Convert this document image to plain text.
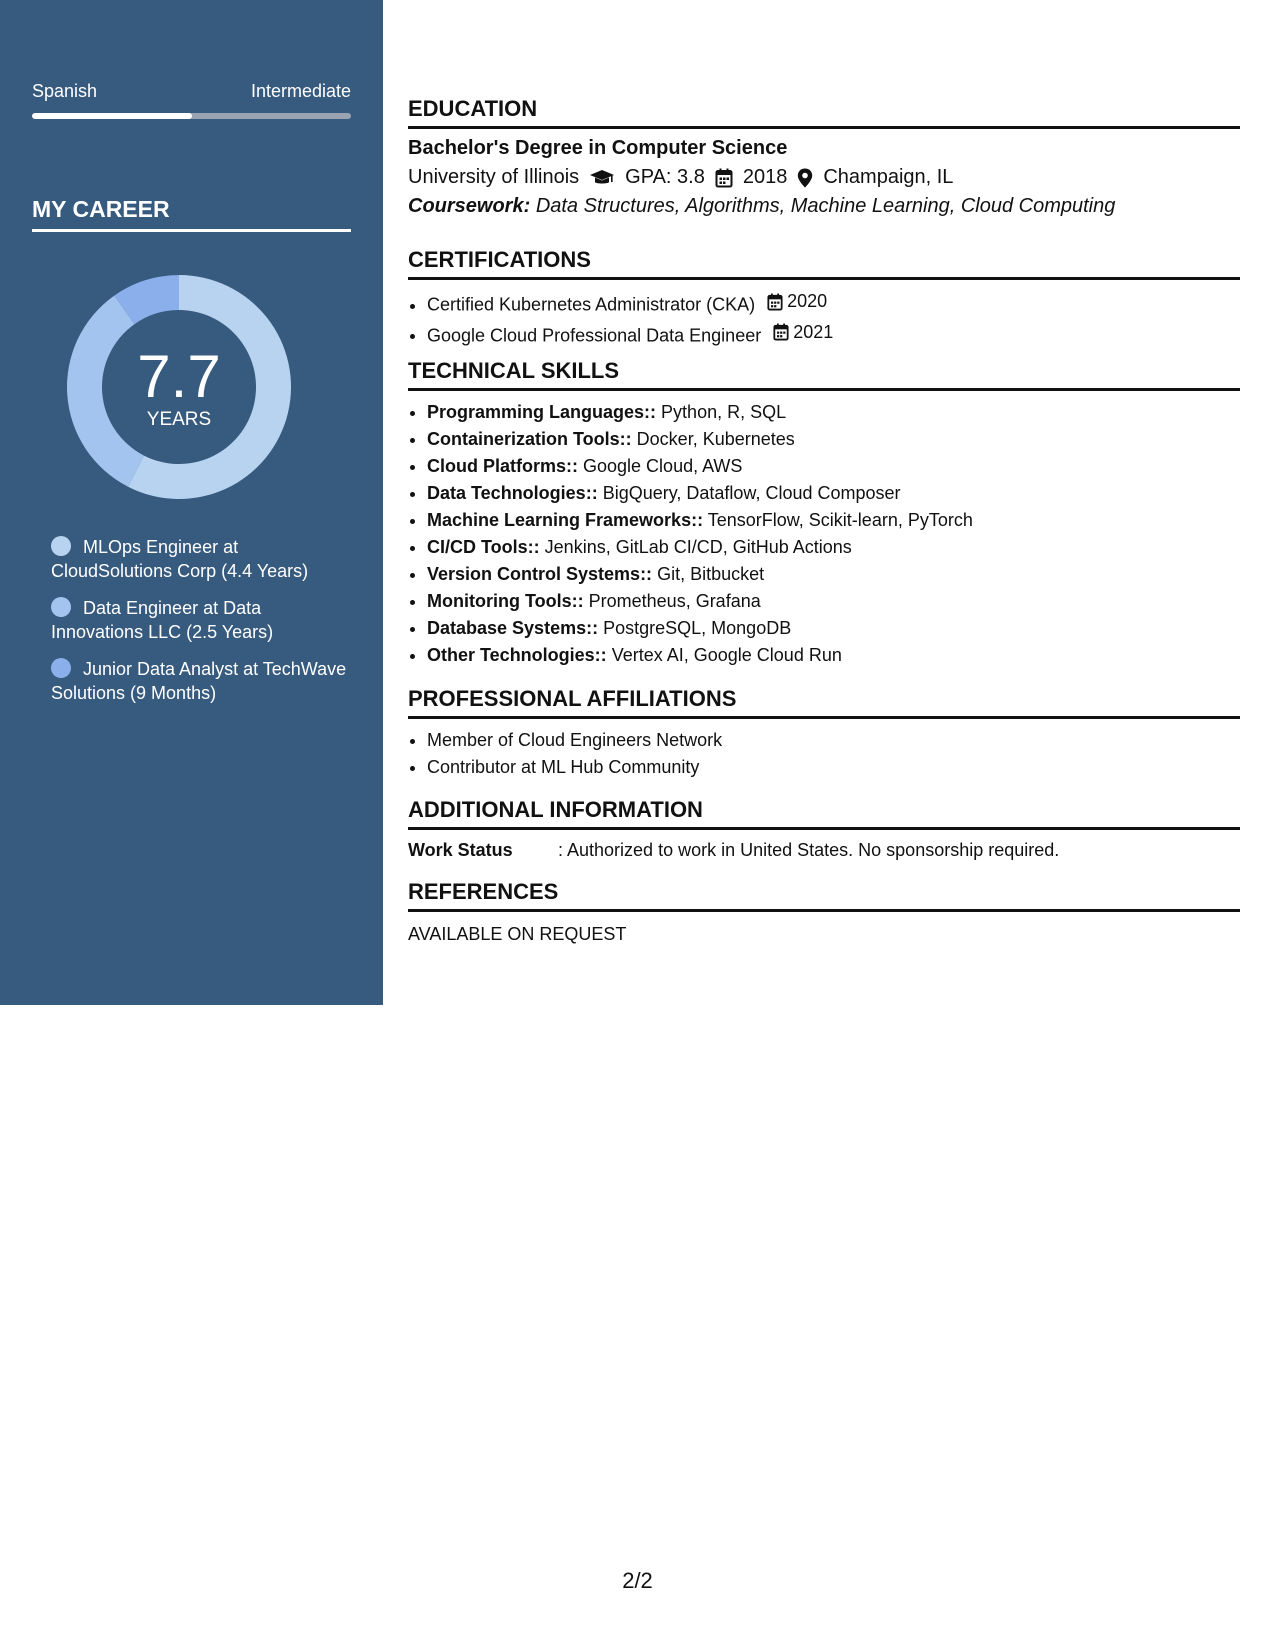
Spanish	Intermediate
MY CAREER
7.7
YEARS
MLOps Engineer at CloudSolutions Corp (4.4 Years)
Data Engineer at Data Innovations LLC (2.5 Years)
Junior Data Analyst at TechWave Solutions (9 Months)
EDUCATION
Bachelor's Degree in Computer Science
University of Illinois GPA: 3.8 2018 Champaign, IL
Coursework: Data Structures, Algorithms, Machine Learning, Cloud Computing
CERTIFICATIONS
• Certified Kubernetes Administrator (CKA) 2020
• Google Cloud Professional Data Engineer 2021
TECHNICAL SKILLS
• Programming Languages:: Python, R, SQL
• Containerization Tools:: Docker, Kubernetes
• Cloud Platforms:: Google Cloud, AWS
• Data Technologies:: BigQuery, Dataflow, Cloud Composer
• Machine Learning Frameworks:: TensorFlow, Scikit-learn, PyTorch
• CI/CD Tools:: Jenkins, GitLab CI/CD, GitHub Actions
• Version Control Systems:: Git, Bitbucket
• Monitoring Tools:: Prometheus, Grafana
• Database Systems:: PostgreSQL, MongoDB
• Other Technologies:: Vertex AI, Google Cloud Run
PROFESSIONAL AFFILIATIONS
• Member of Cloud Engineers Network
• Contributor at ML Hub Community
ADDITIONAL INFORMATION
Work Status	: Authorized to work in United States. No sponsorship required.
REFERENCES
AVAILABLE ON REQUEST
2/2
